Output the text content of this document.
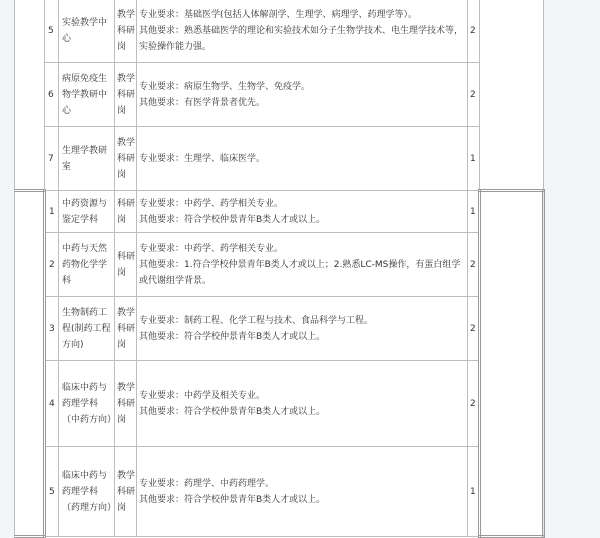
	5	实验教学中心	教学科研岗	专业要求：基础医学(包括人体解剖学、生理学、病理学、药理学等）。
其他要求：熟悉基础医学的理论和实验技术如分子生物学技术、电生理学技术等，实验操作能力强。	2	
	6	病原免疫生物学教研中心	教学科研岗	专业要求：病原生物学、生物学、免疫学。
其他要求：有医学背景者优先。	2	
	7	生理学教研室	教学科研岗	专业要求：生理学、临床医学。	1	
	1	中药资源与鉴定学科	科研岗	专业要求：中药学、药学相关专业。
其他要求：符合学校仲景青年B类人才或以上。	1	
	2	中药与天然药物化学学科	科研岗	专业要求：中药学、药学相关专业。
其他要求：1.符合学校仲景青年B类人才或以上；2.熟悉LC-MS操作，有蛋白组学或代谢组学背景。	2	
	3	生物制药工程(制药工程方向)	教学科研岗	专业要求：制药工程、化学工程与技术、食品科学与工程。
其他要求：符合学校仲景青年B类人才或以上。	2	
	4	临床中药与药理学科（中药方向）	教学科研岗	专业要求：中药学及相关专业。
其他要求：符合学校仲景青年B类人才或以上。	2	
	5	临床中药与药理学科（药理方向）	教学科研岗	专业要求：药理学、中药药理学。
其他要求：符合学校仲景青年B类人才或以上。	1	
